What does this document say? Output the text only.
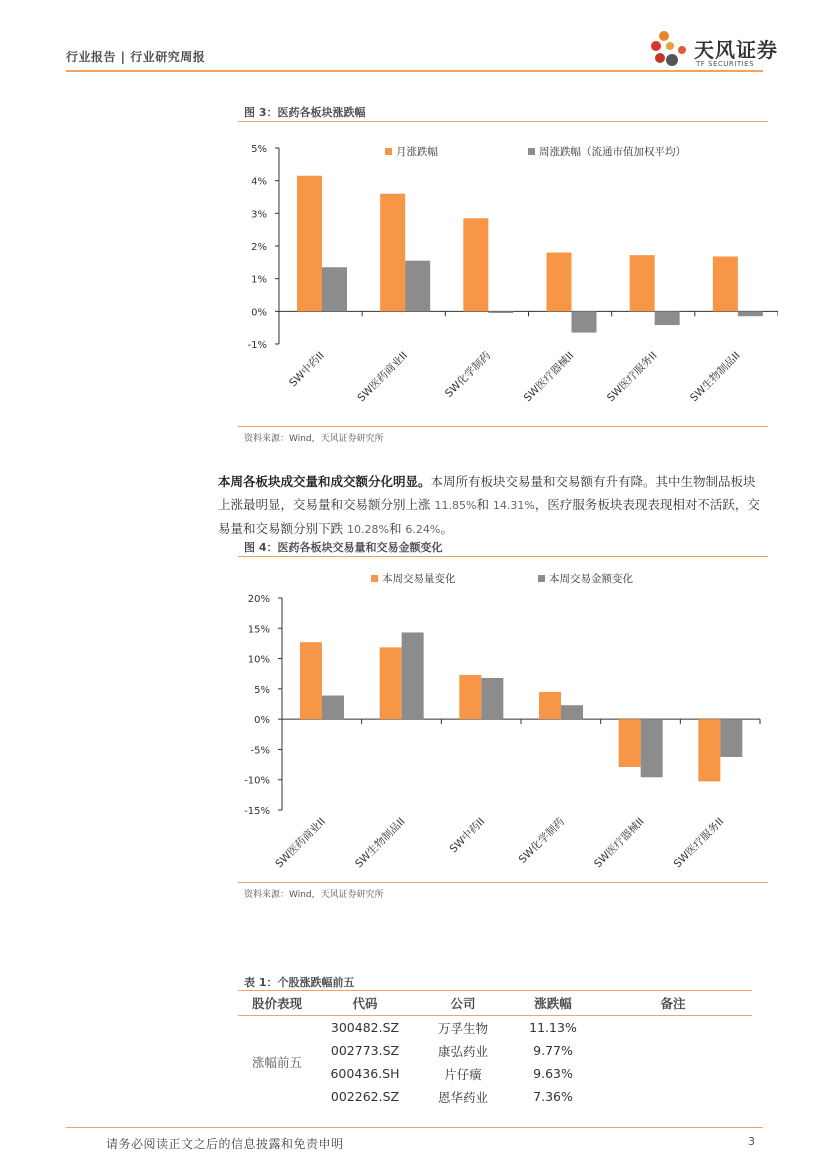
行业报告 | 行业研究周报	天风证券
TF SECURITIES
图 3：医药各板块涨跌幅
-1%
0%
1%
2%
3%
4%
5%
SW中药II	SW医药商业II	SW化学制药	SW医疗器械II	SW医疗服务II	SW生物制品II
月涨跌幅	周涨跌幅（流通市值加权平均）
资料来源：Wind，天风证券研究所
本周各板块成交量和成交额分化明显。本周所有板块交易量和交易额有升有降。其中生物制品板块上涨最明显，交易量和交易额分别上涨 11.85%和 14.31%，医疗服务板块表现表现相对不活跃，交易量和交易额分别下跌 10.28%和 6.24%。
图 4：医药各板块交易量和交易金额变化
-15%
-10%
-5%
0%
5%
10%
15%
20%
SW医药商业II SW生物制品II	SW中药II	SW化学制药 SW医疗器械II SW医疗服务II
本周交易量变化	本周交易金额变化
资料来源：Wind，天风证券研究所
表 1：个股涨跌幅前五
股价表现	代码	公司	涨跌幅	备注
涨幅前五	300482.SZ	万孚生物	11.13%	
	002773.SZ	康弘药业	9.77%	
	600436.SH	片仔癀	9.63%	
	002262.SZ	恩华药业	7.36%	
请务必阅读正文之后的信息披露和免责申明	3
